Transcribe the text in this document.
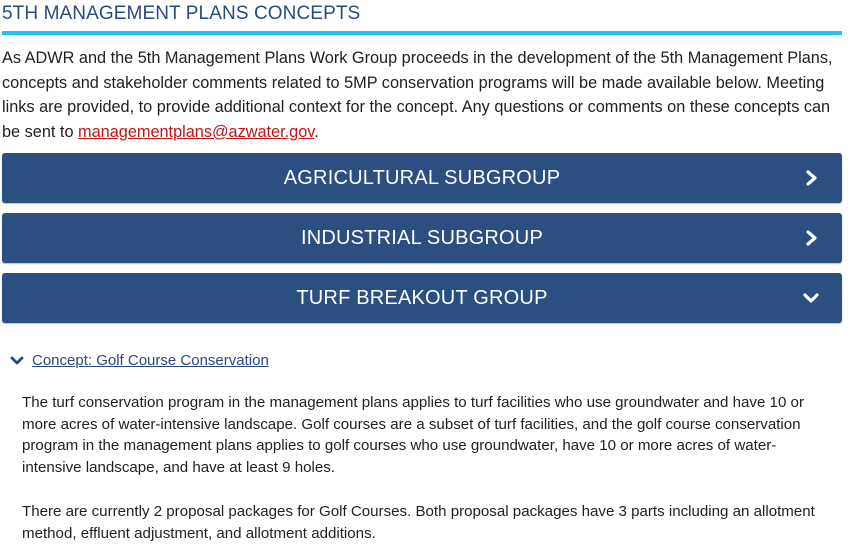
5TH MANAGEMENT PLANS CONCEPTS

As ADWR and the 5th Management Plans Work Group proceeds in the development of the 5th Management Plans, concepts and stakeholder comments related to 5MP conservation programs will be made available below. Meeting links are provided, to provide additional context for the concept. Any questions or comments on these concepts can be sent to managementplans@azwater.gov.

AGRICULTURAL SUBGROUP
INDUSTRIAL SUBGROUP
TURF BREAKOUT GROUP
Concept: Golf Course Conservation

The turf conservation program in the management plans applies to turf facilities who use groundwater and have 10 or more acres of water-intensive landscape. Golf courses are a subset of turf facilities, and the golf course conservation program in the management plans applies to golf courses who use groundwater, have 10 or more acres of water-intensive landscape, and have at least 9 holes.

There are currently 2 proposal packages for Golf Courses. Both proposal packages have 3 parts including an allotment method, effluent adjustment, and allotment additions.
